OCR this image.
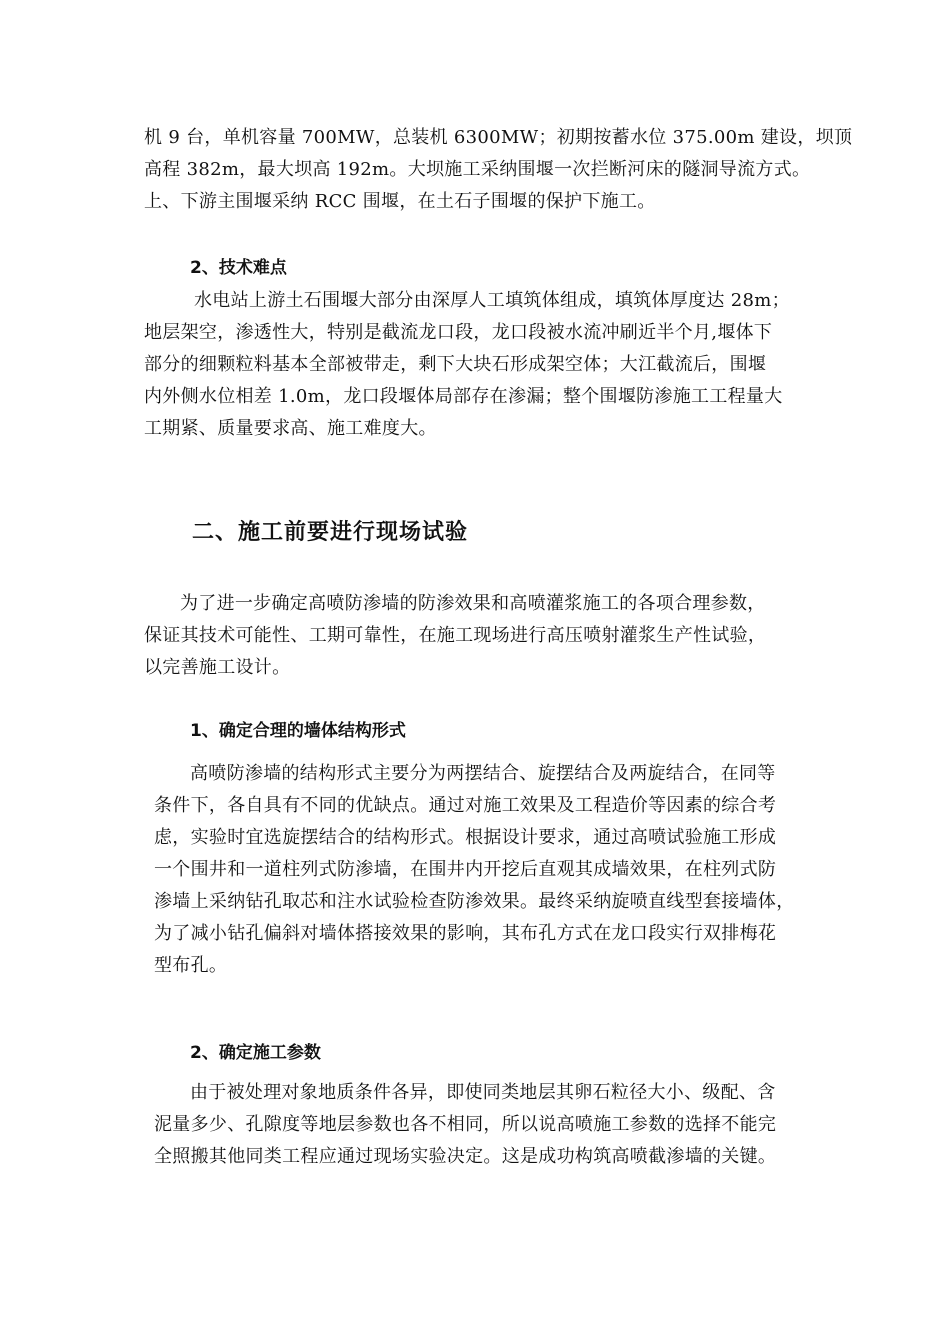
机 9 台，单机容量 700MW，总装机 6300MW；初期按蓄水位 375.00m 建设，坝顶
高程 382m，最大坝高 192m。大坝施工采纳围堰一次拦断河床的隧洞导流方式。
上、下游主围堰采纳 RCC 围堰，在土石子围堰的保护下施工。

2、技术难点

水电站上游土石围堰大部分由深厚人工填筑体组成，填筑体厚度达 28m；
地层架空，渗透性大，特别是截流龙口段，龙口段被水流冲刷近半个月,堰体下
部分的细颗粒料基本全部被带走，剩下大块石形成架空体；大江截流后，围堰
内外侧水位相差 1.0m，龙口段堰体局部存在渗漏；整个围堰防渗施工工程量大
工期紧、质量要求高、施工难度大。

二、施工前要进行现场试验

为了进一步确定高喷防渗墙的防渗效果和高喷灌浆施工的各项合理参数，
保证其技术可能性、工期可靠性，在施工现场进行高压喷射灌浆生产性试验，
以完善施工设计。

1、确定合理的墙体结构形式

高喷防渗墙的结构形式主要分为两摆结合、旋摆结合及两旋结合，在同等
条件下，各自具有不同的优缺点。通过对施工效果及工程造价等因素的综合考
虑，实验时宜选旋摆结合的结构形式。根据设计要求，通过高喷试验施工形成
一个围井和一道柱列式防渗墙，在围井内开挖后直观其成墙效果，在柱列式防
渗墙上采纳钻孔取芯和注水试验检查防渗效果。最终采纳旋喷直线型套接墙体，
为了减小钻孔偏斜对墙体搭接效果的影响，其布孔方式在龙口段实行双排梅花
型布孔。

2、确定施工参数

由于被处理对象地质条件各异，即使同类地层其卵石粒径大小、级配、含
泥量多少、孔隙度等地层参数也各不相同，所以说高喷施工参数的选择不能完
全照搬其他同类工程应通过现场实验决定。这是成功构筑高喷截渗墙的关键。
